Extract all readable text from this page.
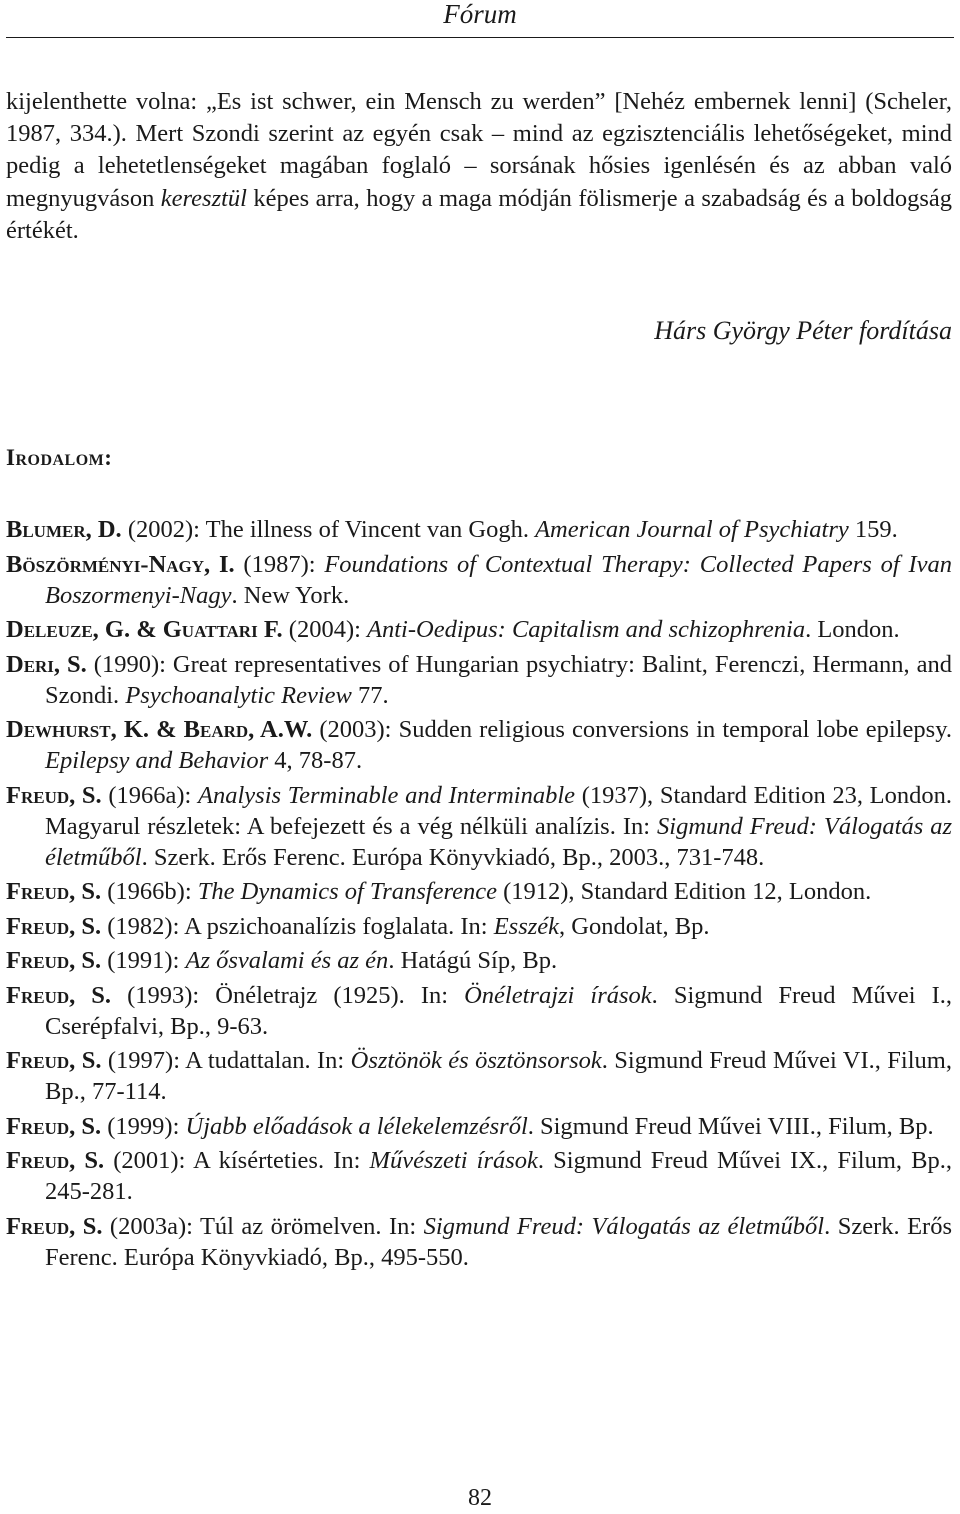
Fórum

kijelenthette volna: „Es ist schwer, ein Mensch zu werden” [Nehéz embernek lenni] (Scheler, 1987, 334.). Mert Szondi szerint az egyén csak – mind az egzisztenciális lehetőségeket, mind pedig a lehetetlenségeket magában foglaló – sorsának hősies igenlésén és az abban való megnyugváson keresztül képes arra, hogy a maga módján fölismerje a szabadság és a boldogság értékét.

Hárs György Péter fordítása
Irodalom:
Blumer, D. (2002): The illness of Vincent van Gogh. American Journal of Psychiatry 159.
Böszörményi-Nagy, I. (1987): Foundations of Contextual Therapy: Collected Papers of Ivan Boszormenyi-Nagy. New York.
Deleuze, G. & Guattari F. (2004): Anti-Oedipus: Capitalism and schizophrenia. London.
Deri, S. (1990): Great representatives of Hungarian psychiatry: Balint, Ferenczi, Hermann, and Szondi. Psychoanalytic Review 77.
Dewhurst, K. & Beard, A.W. (2003): Sudden religious conversions in temporal lobe epilepsy. Epilepsy and Behavior 4, 78-87.
Freud, S. (1966a): Analysis Terminable and Interminable (1937), Standard Edition 23, London. Magyarul részletek: A befejezett és a vég nélküli analízis. In: Sigmund Freud: Válogatás az életműből. Szerk. Erős Ferenc. Európa Könyvkiadó, Bp., 2003., 731-748.
Freud, S. (1966b): The Dynamics of Transference (1912), Standard Edition 12, London.
Freud, S. (1982): A pszichoanalízis foglalata. In: Esszék, Gondolat, Bp.
Freud, S. (1991): Az ősvalami és az én. Hatágú Síp, Bp.
Freud, S. (1993): Önéletrajz (1925). In: Önéletrajzi írások. Sigmund Freud Művei I., Cserépfalvi, Bp., 9-63.
Freud, S. (1997): A tudattalan. In: Ösztönök és ösztönsorsok. Sigmund Freud Művei VI., Filum, Bp., 77-114.
Freud, S. (1999): Újabb előadások a lélekelemzésről. Sigmund Freud Művei VIII., Filum, Bp.
Freud, S. (2001): A kísérteties. In: Művészeti írások. Sigmund Freud Művei IX., Filum, Bp., 245-281.
Freud, S. (2003a): Túl az örömelven. In: Sigmund Freud: Válogatás az életműből. Szerk. Erős Ferenc. Európa Könyvkiadó, Bp., 495-550.
82
